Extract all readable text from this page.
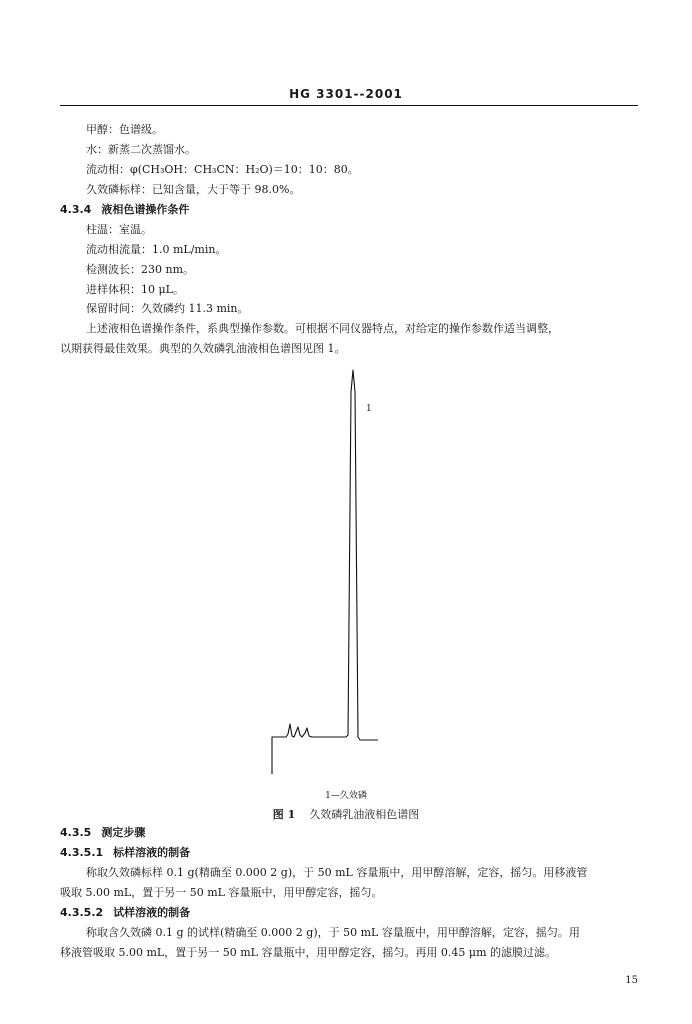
HG 3301--2001
甲醇：色谱级。
水：新蒸二次蒸馏水。
流动相：φ(CH₃OH：CH₃CN：H₂O)＝10：10：80。
久效磷标样：已知含量，大于等于 98.0%。
4.3.4 液相色谱操作条件
柱温：室温。
流动相流量：1.0 mL/min。
检测波长：230 nm。
进样体积：10 μL。
保留时间：久效磷约 11.3 min。
上述液相色谱操作条件，系典型操作参数。可根据不同仪器特点，对给定的操作参数作适当调整，
以期获得最佳效果。典型的久效磷乳油液相色谱图见图 1。
1
1—久效磷
图 1 久效磷乳油液相色谱图
4.3.5 测定步骤
4.3.5.1 标样溶液的制备
称取久效磷标样 0.1 g(精确至 0.000 2 g)，于 50 mL 容量瓶中，用甲醇溶解，定容，摇匀。用移液管
吸取 5.00 mL，置于另一 50 mL 容量瓶中，用甲醇定容，摇匀。
4.3.5.2 试样溶液的制备
称取含久效磷 0.1 g 的试样(精确至 0.000 2 g)，于 50 mL 容量瓶中，用甲醇溶解，定容，摇匀。用
移液管吸取 5.00 mL，置于另一 50 mL 容量瓶中，用甲醇定容，摇匀。再用 0.45 μm 的滤膜过滤。
15
